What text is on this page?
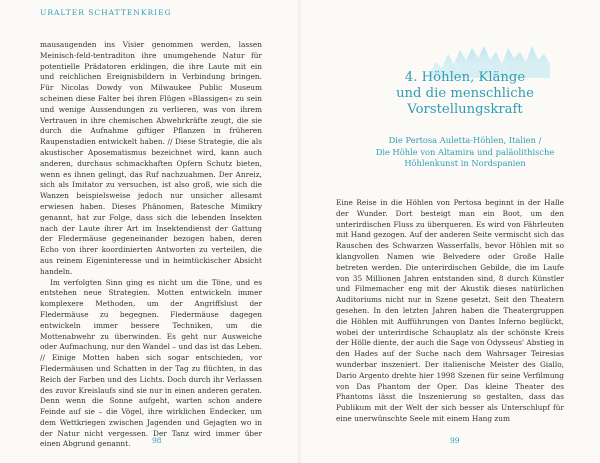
URALTER SCHATTENKRIEG

mausaugenden ins Visier genommen werden, lassen Meinisch-feld-tentraditon ihre unumgehende Natur für potentielle Prädatoren erklingen, die ihre Laute mit ein und reichlichen Ereignisbildern in Verbindung bringen. Für Nicolas Dowdy von Milwaukee Public Museum scheinen diese Falter bei ihren Flügen »Blassigen« zu sein und wenige Aussendungen zu verlieren, was von ihrem Vertrauen in ihre chemischen Abwehrkräfte zeugt, die sie durch die Aufnahme giftiger Pflanzen in früheren Raupenstadien entwickelt haben. // Diese Strategie, die als akustischer Aposematismus bezeichnet wird, kann auch anderen, durchaus schmackhaften Opfern Schutz bieten, wenn es ihnen gelingt, das Ruf nachzuahmen. Der Anreiz, sich als Imitator zu versuchen, ist also groß, wie sich die Wanzen beispielsweise jedoch nur unsicher allesamt erwiesen haben. Dieses Phänomen, Batesche Mimikry genannt, hat zur Folge, dass sich die lebenden Insekten nach der Laute ihrer Art im Insektendienst der Gattung der Fledermäuse gegeneinander bezogen haben, deren Echo von ihrer koordinierten Antworten zu verteilen, die aus reinem Eigeninteresse und in heimtückischer Absicht handeln.

Im verfolgten Sinn ging es nicht um die Töne, und es entstehen neue Strategien. Motten entwickeln immer komplexere Methoden, um der Angriffslust der Fledermäuse zu begegnen. Fledermäuse dagegen entwickeln immer bessere Techniken, um die Mottenabwehr zu überwinden. Es geht nur Ausweiche oder Aufmachung, nur den Wandel – und das ist das Leben. // Einige Motten haben sich sogar entschieden, vor Fledermäusen und Schatten in der Tag zu flüchten, in das Reich der Farben und des Lichts. Doch durch ihr Verlassen des zuvor Kreislaufs sind sie nur in einen anderen geraten. Denn wenn die Sonne aufgeht, warten schon andere Feinde auf sie – die Vögel, ihre wirklichen Endecker, um dem Wettkriegen zwischen Jagenden und Gejagten wo in der Natur nicht vergessen. Der Tanz wird immer über einen Abgrund genannt.	98
4. Höhlen, Klänge
und die menschliche
Vorstellungskraft
Die Pertosa Auletta-Höhlen, Italien /
Die Höhle von Altamira und paläolithische
Höhlenkunst in Nordspanien

Eine Reise in die Höhlen von Pertosa beginnt in der Halle der Wunder. Dort besteigt man ein Boot, um den unterirdischen Fluss zu überqueren. Es wird von Fährleuten mit Hand gezogen. Auf der anderen Seite vermischt sich das Rauschen des Schwarzen Wasserfalls, bevor Höhlen mit so klangvollen Namen wie Belvedere oder Große Halle betreten werden. Die unterirdischen Gebilde, die im Laufe von 35 Millionen Jahren entstanden sind, 8 durch Künstler und Filmemacher eng mit der Akustik dieses natürlichen Auditoriums nicht nur in Szene gesetzt. Seit den Theatern gesehen. In den letzten Jahren haben die Theatergruppen die Höhlen mit Aufführungen von Dantes Inferno beglückt, wobei der unterirdische Schauplatz als der schönste Kreis der Hölle diente, der auch die Sage von Odysseus' Abstieg in den Hades auf der Suche nach dem Wahrsager Teiresias wunderbar inszeniert. Der italienische Meister des Giallo, Dario Argento drehte hier 1998 Szenen für seine Verfilmung von Das Phantom der Oper. Das kleine Theater des Phantoms lässt die Inszenierung so gestalten, dass das Publikum mit der Welt der sich besser als Unterschlupf für eine unerwünschte Seele mit einem Hang zum

99
